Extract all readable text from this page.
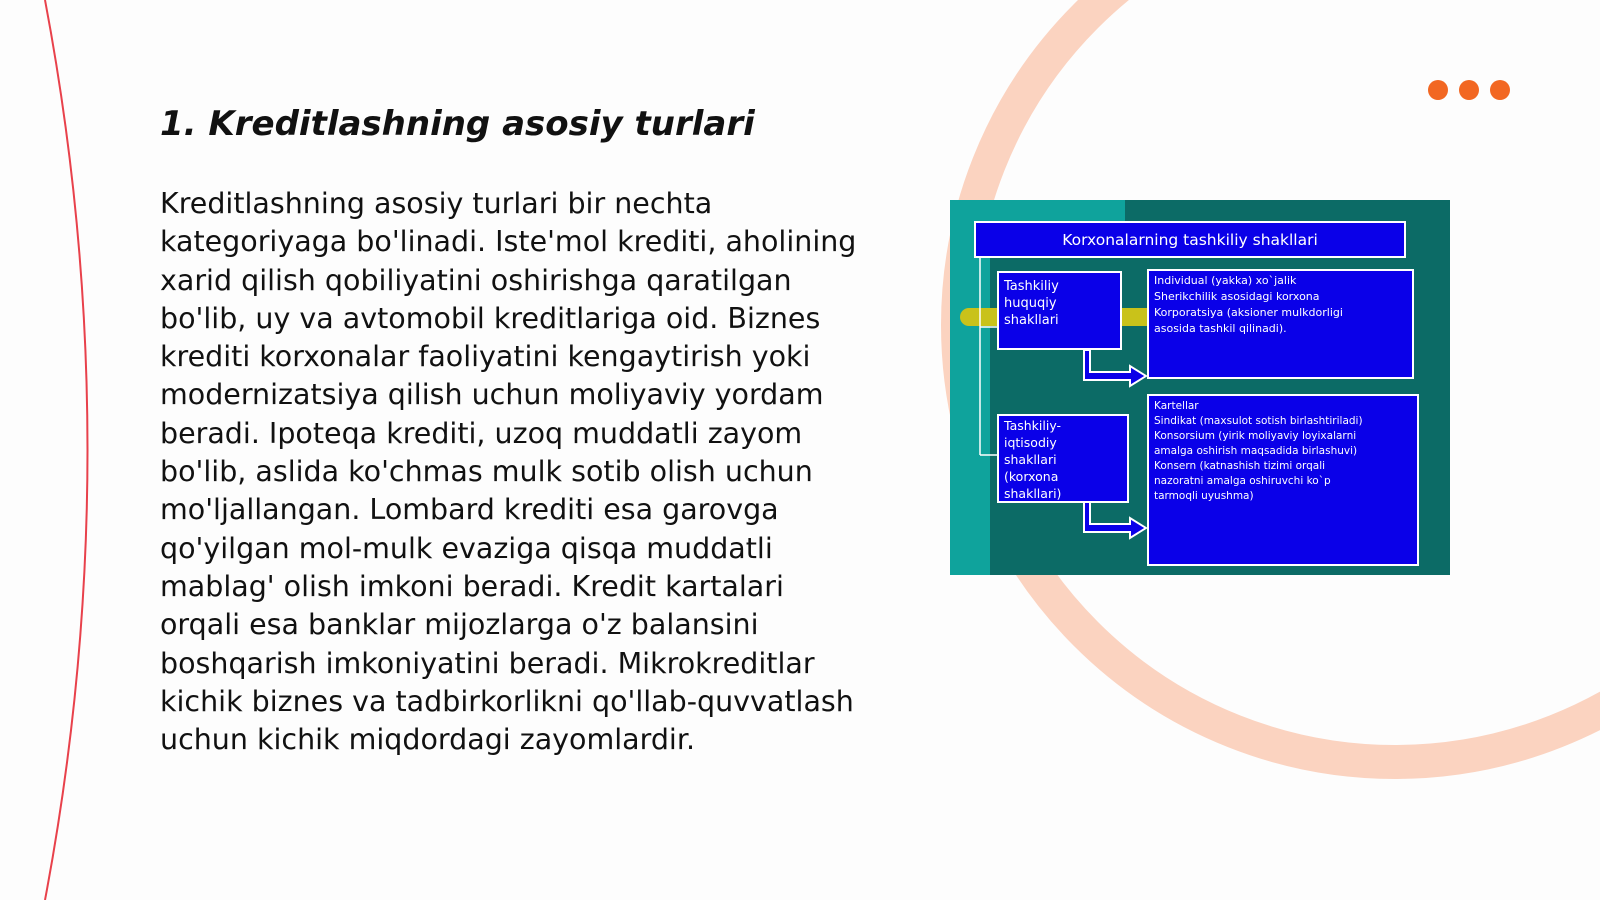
1. Kreditlashning asosiy turlari

Kreditlashning asosiy turlari bir nechta kategoriyaga bo'linadi. Iste'mol krediti, aholining xarid qilish qobiliyatini oshirishga qaratilgan bo'lib, uy va avtomobil kreditlariga oid. Biznes krediti korxonalar faoliyatini kengaytirish yoki modernizatsiya qilish uchun moliyaviy yordam beradi. Ipoteqa krediti, uzoq muddatli zayom bo'lib, aslida ko'chmas mulk sotib olish uchun mo'ljallangan. Lombard krediti esa garovga qo'yilgan mol-mulk evaziga qisqa muddatli mablag' olish imkoni beradi. Kredit kartalari orqali esa banklar mijozlarga o'z balansini boshqarish imkoniyatini beradi. Mikrokreditlar kichik biznes va tadbirkorlikni qo'llab-quvvatlash uchun kichik miqdordagi zayomlardir.

Korxonalarning tashkiliy shakllari
Tashkiliy huquqiy shakllari
Individual (yakka) xo`jalik Sherikchilik asosidagi korxona Korporatsiya (aksioner mulkdorligi asosida tashkil qilinadi).
Tashkiliy- iqtisodiy shakllari (korxona shakllari)
Kartellar Sindikat (maxsulot sotish birlashtiriladi) Konsorsium (yirik moliyaviy loyixalarni amalga oshirish maqsadida birlashuvi) Konsern (katnashish tizimi orqali nazoratni amalga oshiruvchi ko`p tarmoqli uyushma)
